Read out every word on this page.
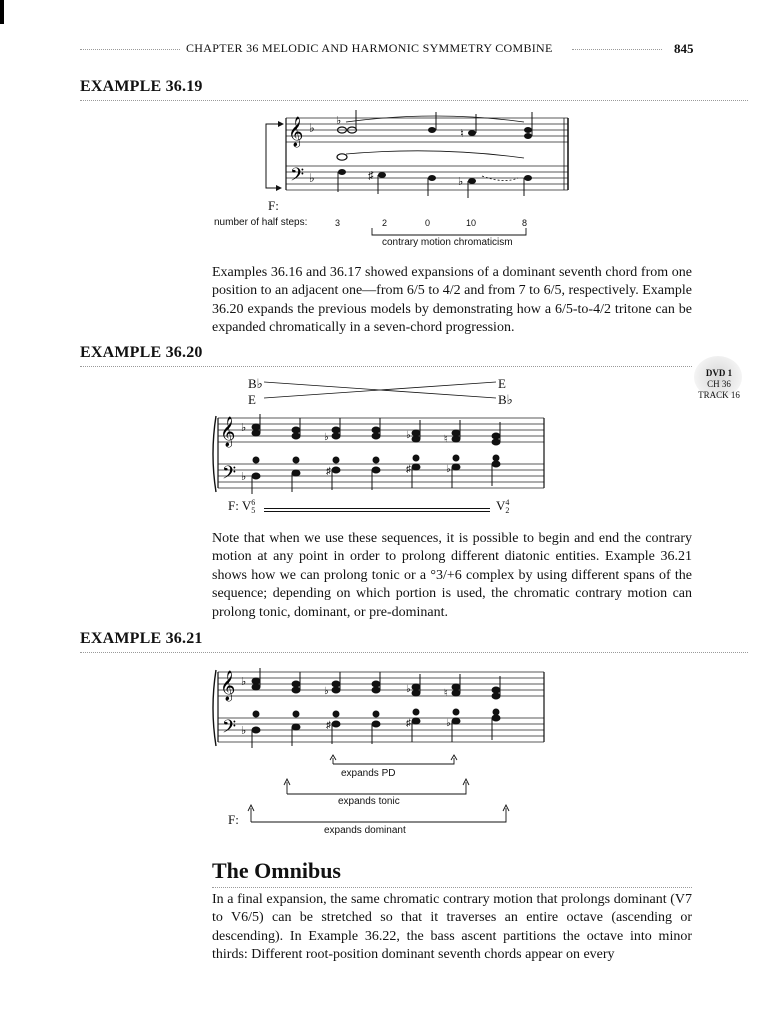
CHAPTER 36 MELODIC AND HARMONIC SYMMETRY COMBINE	845
EXAMPLE 36.19
𝄞
𝄢
♭
♭
♭
♮
♯	♭
F:
number of half steps:	3	2	0	10	8
contrary motion chromaticism

Examples 36.16 and 36.17 showed expansions of a dominant seventh chord from one position to an adjacent one—from 6/5 to 4/2 and from 7 to 6/5, respectively. Example 36.20 expands the previous models by demonstrating how a 6/5-to-4/2 tritone can be expanded chromatically in a seven-chord progression.

EXAMPLE 36.20
DVD 1
CH 36
TRACK 16
B♭	E
E	B♭
𝄞
𝄢
♭
♭
♭	♭	♮
♯	♯	♭
F: V 6
5	V 4
2

Note that when we use these sequences, it is possible to begin and end the contrary motion at any point in order to prolong different diatonic entities. Example 36.21 shows how we can prolong tonic or a °3/+6 complex by using different spans of the sequence; depending on which portion is used, the chromatic contrary motion can prolong tonic, dominant, or pre-dominant.

EXAMPLE 36.21
𝄞
𝄢
♭
♭
♭	♭	♮
♯	♯	♭
expands PD
expands tonic
F:
expands dominant
The Omnibus

In a final expansion, the same chromatic contrary motion that prolongs dominant (V7 to V6/5) can be stretched so that it traverses an entire octave (ascending or descending). In Example 36.22, the bass ascent partitions the octave into minor thirds: Different root-position dominant seventh chords appear on every
